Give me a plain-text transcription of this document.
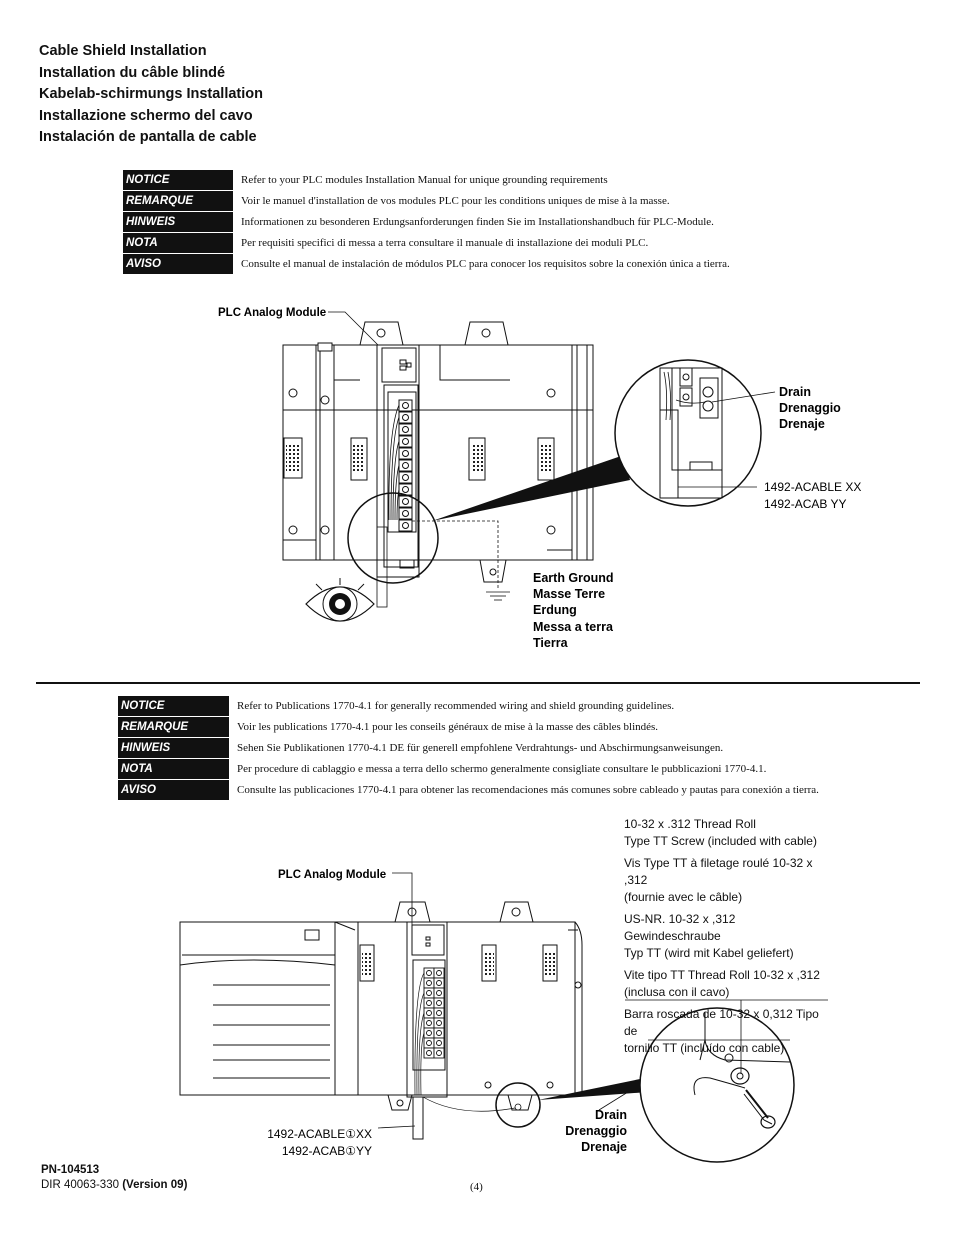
Cable Shield Installation
Installation du câble blindé
Kabelab-schirmungs Installation
Installazione schermo del cavo
Instalación de pantalla de cable
NOTICE	Refer to your PLC modules Installation Manual for unique grounding requirements
REMARQUE	Voir le manuel d'installation de vos modules PLC pour les conditions uniques de mise à la masse.
HINWEIS	Informationen zu besonderen Erdungsanforderungen finden Sie im Installationshandbuch für PLC-Module.
NOTA	Per requisiti specifici di messa a terra consultare il manuale di installazione dei moduli PLC.
AVISO	Consulte el manual de instalación de módulos PLC para conocer los requisitos sobre la conexión única a tierra.
PLC Analog Module
Drain
Drenaggio
Drenaje
1492-ACABLE XX
1492-ACAB YY
Earth Ground
Masse Terre
Erdung
Messa a terra
Tierra
PLC Analog Module
Drain
Drenaggio
Drenaje
1492-ACABLE①XX
1492-ACAB①YY
NOTICE	Refer to Publications 1770-4.1 for generally recommended wiring and shield grounding guidelines.
REMARQUE	Voir les publications 1770-4.1 pour les conseils généraux de mise à la masse des câbles blindés.
HINWEIS	Sehen Sie Publikationen 1770-4.1 DE für generell empfohlene Verdrahtungs- und Abschirmungsanweisungen.
NOTA	Per procedure di cablaggio e messa a terra dello schermo generalmente consigliate consultare le pubblicazioni 1770-4.1.
AVISO	Consulte las publicaciones 1770-4.1 para obtener las recomendaciones más comunes sobre cableado y pautas para conexión a tierra.

10-32 x .312 Thread Roll
Type TT Screw (included with cable)

Vis Type TT à filetage roulé 10-32 x ,312
(fournie avec le câble)

US-NR. 10-32 x ,312 Gewindeschraube
Typ TT (wird mit Kabel geliefert)

Vite tipo TT Thread Roll 10-32 x ,312
(inclusa con il cavo)

Barra roscada de 10-32 x 0,312 Tipo de
tornillo TT (incluído con cable)

PN-104513
DIR 40063-330 (Version 09)	(4)
